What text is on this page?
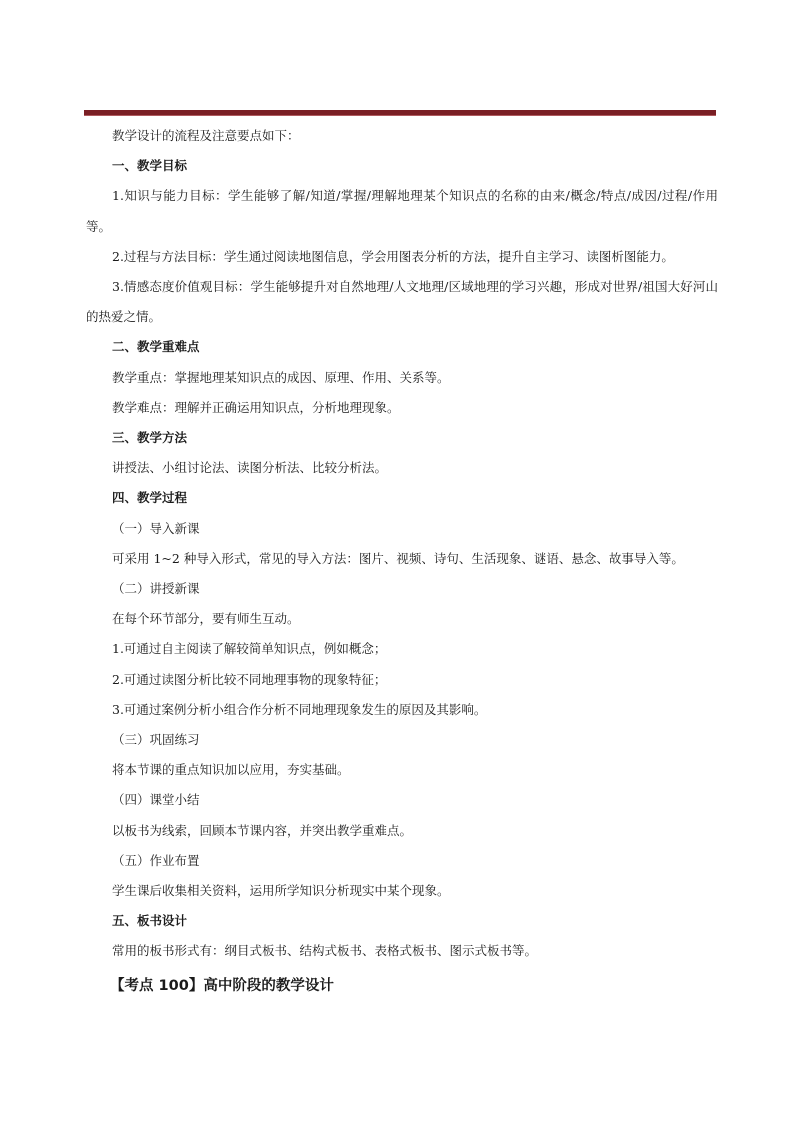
教学设计的流程及注意要点如下：
一、教学目标
1.知识与能力目标：学生能够了解/知道/掌握/理解地理某个知识点的名称的由来/概念/特点/成因/过程/作用等。
2.过程与方法目标：学生通过阅读地图信息，学会用图表分析的方法，提升自主学习、读图析图能力。
3.情感态度价值观目标：学生能够提升对自然地理/人文地理/区域地理的学习兴趣，形成对世界/祖国大好河山的热爱之情。
二、教学重难点
教学重点：掌握地理某知识点的成因、原理、作用、关系等。
教学难点：理解并正确运用知识点，分析地理现象。
三、教学方法
讲授法、小组讨论法、读图分析法、比较分析法。
四、教学过程
（一）导入新课
可采用 1~2 种导入形式，常见的导入方法：图片、视频、诗句、生活现象、谜语、悬念、故事导入等。
（二）讲授新课
在每个环节部分，要有师生互动。
1.可通过自主阅读了解较简单知识点，例如概念；
2.可通过读图分析比较不同地理事物的现象特征；
3.可通过案例分析小组合作分析不同地理现象发生的原因及其影响。
（三）巩固练习
将本节课的重点知识加以应用，夯实基础。
（四）课堂小结
以板书为线索，回顾本节课内容，并突出教学重难点。
（五）作业布置
学生课后收集相关资料，运用所学知识分析现实中某个现象。
五、板书设计
常用的板书形式有：纲目式板书、结构式板书、表格式板书、图示式板书等。
【考点 100】高中阶段的教学设计
